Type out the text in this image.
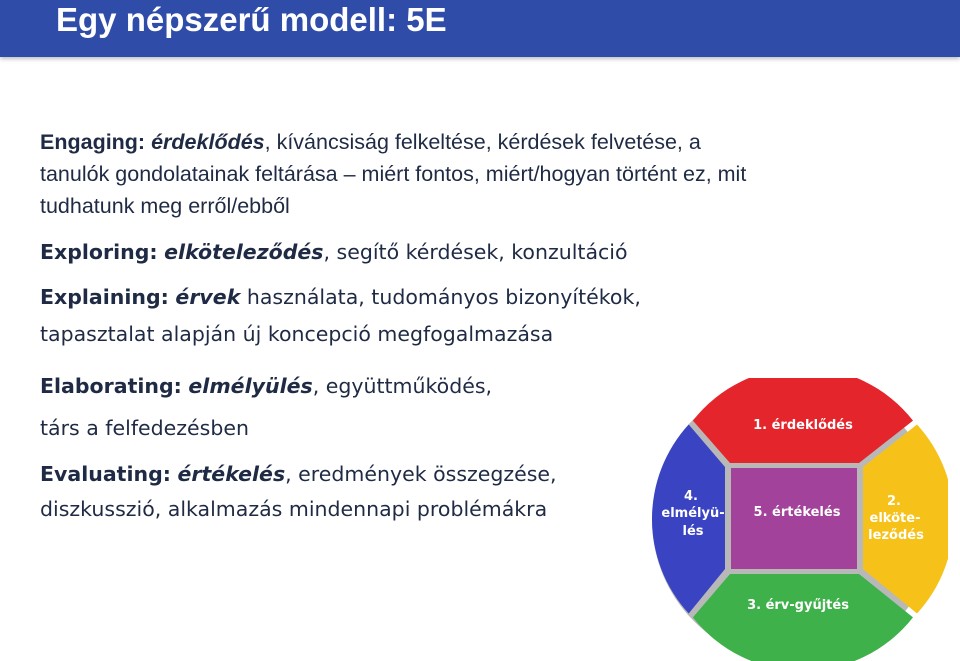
Egy népszerű modell: 5E

Engaging: érdeklődés, kíváncsiság felkeltése, kérdések felvetése, a
tanulók gondolatainak feltárása – miért fontos, miért/hogyan történt ez, mit
tudhatunk meg erről/ebből

Exploring: elköteleződés, segítő kérdések, konzultáció

Explaining: érvek használata, tudományos bizonyítékok,
tapasztalat alapján új koncepció megfogalmazása

Elaborating: elmélyülés, együttműködés,
társ a felfedezésben

Evaluating: értékelés, eredmények összegzése,
diszkusszió, alkalmazás mindennapi problémákra

1. érdeklődés
2.
elköte-
leződés
3. érv-gyűjtés
4.
elmélyü-
lés
5. értékelés
